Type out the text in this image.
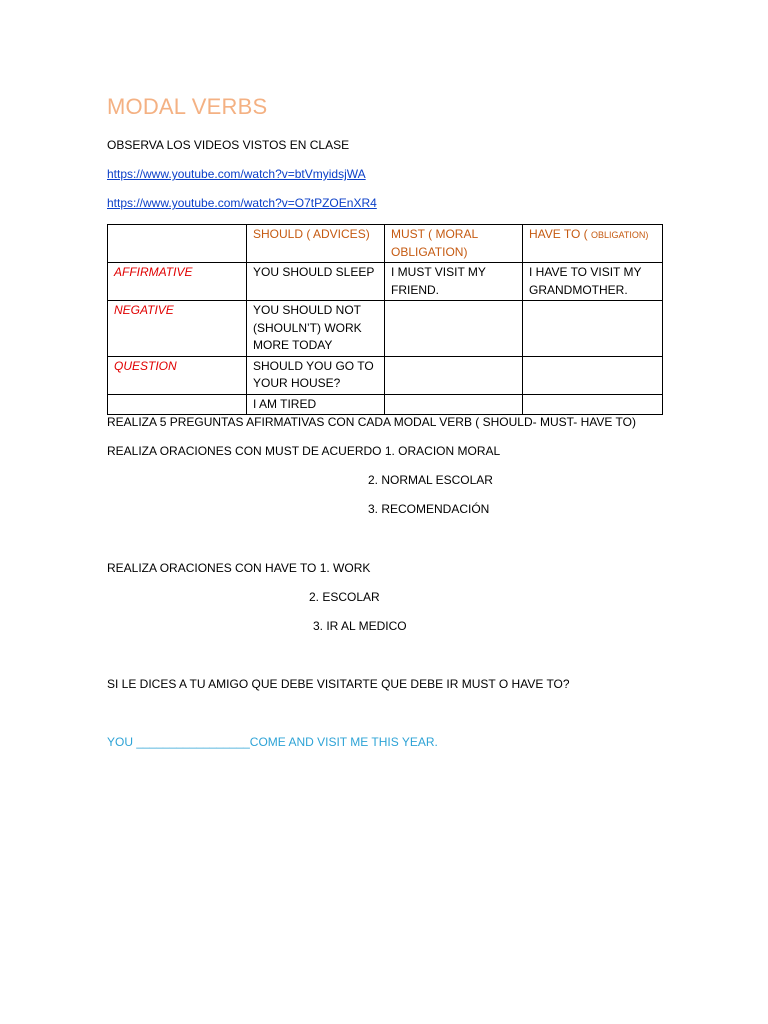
MODAL VERBS
OBSERVA LOS VIDEOS VISTOS EN CLASE
https://www.youtube.com/watch?v=btVmyidsjWA
https://www.youtube.com/watch?v=O7tPZOEnXR4
	SHOULD ( ADVICES)	MUST ( MORAL OBLIGATION)	HAVE TO ( OBLIGATION)
AFFIRMATIVE	YOU SHOULD SLEEP	I MUST VISIT MY FRIEND.	I HAVE TO VISIT MY GRANDMOTHER.
NEGATIVE	YOU SHOULD NOT (SHOULN’T) WORK MORE TODAY		
QUESTION	SHOULD YOU GO TO YOUR HOUSE?		
	I AM TIRED		
REALIZA 5 PREGUNTAS AFIRMATIVAS CON CADA MODAL VERB ( SHOULD- MUST- HAVE TO)
REALIZA ORACIONES CON MUST DE ACUERDO 1. ORACION MORAL
2. NORMAL ESCOLAR
3. RECOMENDACIÓN
REALIZA ORACIONES CON HAVE TO 1. WORK
2. ESCOLAR
3. IR AL MEDICO
SI LE DICES A TU AMIGO QUE DEBE VISITARTE QUE DEBE IR MUST O HAVE TO?
YOU _________________COME AND VISIT ME THIS YEAR.
